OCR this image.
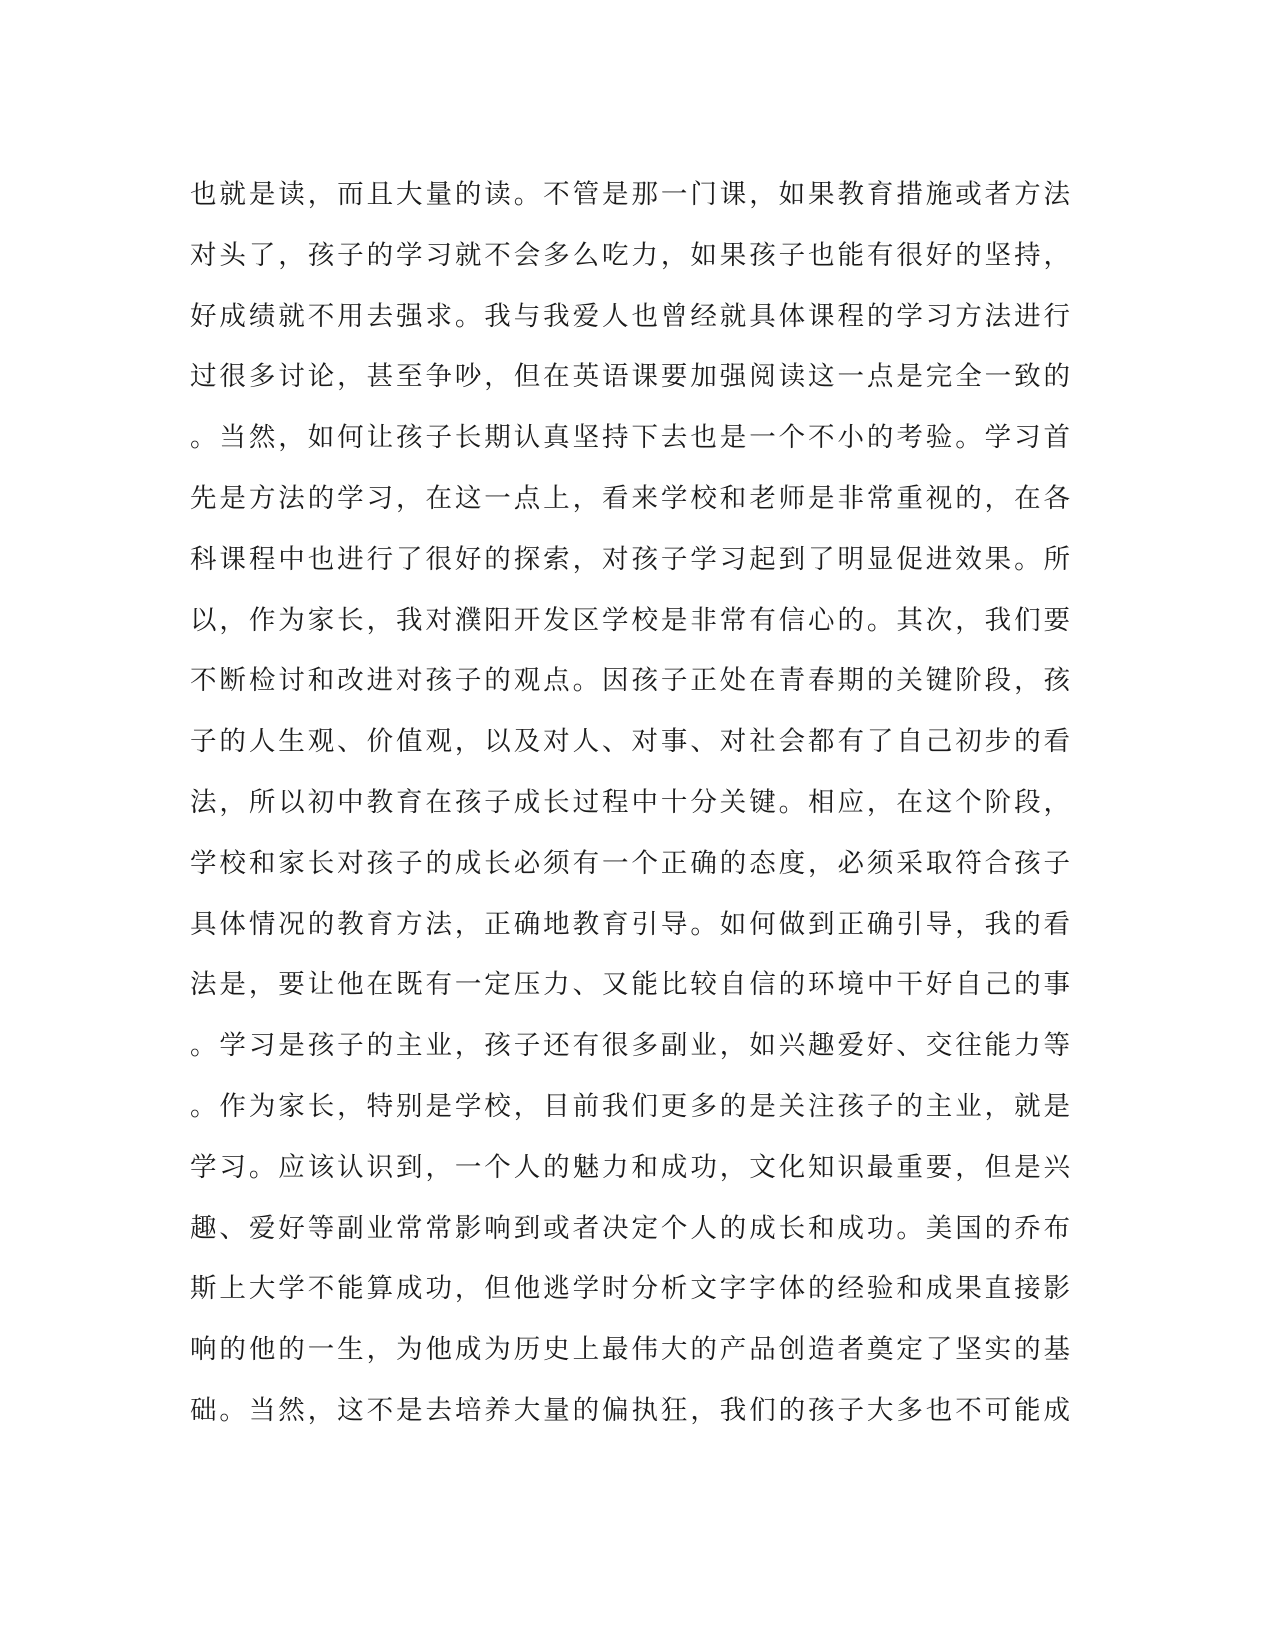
也就是读，而且大量的读。不管是那一门课，如果教育措施或者方法
对头了，孩子的学习就不会多么吃力，如果孩子也能有很好的坚持，
好成绩就不用去强求。我与我爱人也曾经就具体课程的学习方法进行
过很多讨论，甚至争吵，但在英语课要加强阅读这一点是完全一致的
。当然，如何让孩子长期认真坚持下去也是一个不小的考验。学习首
先是方法的学习，在这一点上，看来学校和老师是非常重视的，在各
科课程中也进行了很好的探索，对孩子学习起到了明显促进效果。所
以，作为家长，我对濮阳开发区学校是非常有信心的。其次，我们要
不断检讨和改进对孩子的观点。因孩子正处在青春期的关键阶段，孩
子的人生观、价值观，以及对人、对事、对社会都有了自己初步的看
法，所以初中教育在孩子成长过程中十分关键。相应，在这个阶段，
学校和家长对孩子的成长必须有一个正确的态度，必须采取符合孩子
具体情况的教育方法，正确地教育引导。如何做到正确引导，我的看
法是，要让他在既有一定压力、又能比较自信的环境中干好自己的事
。学习是孩子的主业，孩子还有很多副业，如兴趣爱好、交往能力等
。作为家长，特别是学校，目前我们更多的是关注孩子的主业，就是
学习。应该认识到，一个人的魅力和成功，文化知识最重要，但是兴
趣、爱好等副业常常影响到或者决定个人的成长和成功。美国的乔布
斯上大学不能算成功，但他逃学时分析文字字体的经验和成果直接影
响的他的一生，为他成为历史上最伟大的产品创造者奠定了坚实的基
础。当然，这不是去培养大量的偏执狂，我们的孩子大多也不可能成
